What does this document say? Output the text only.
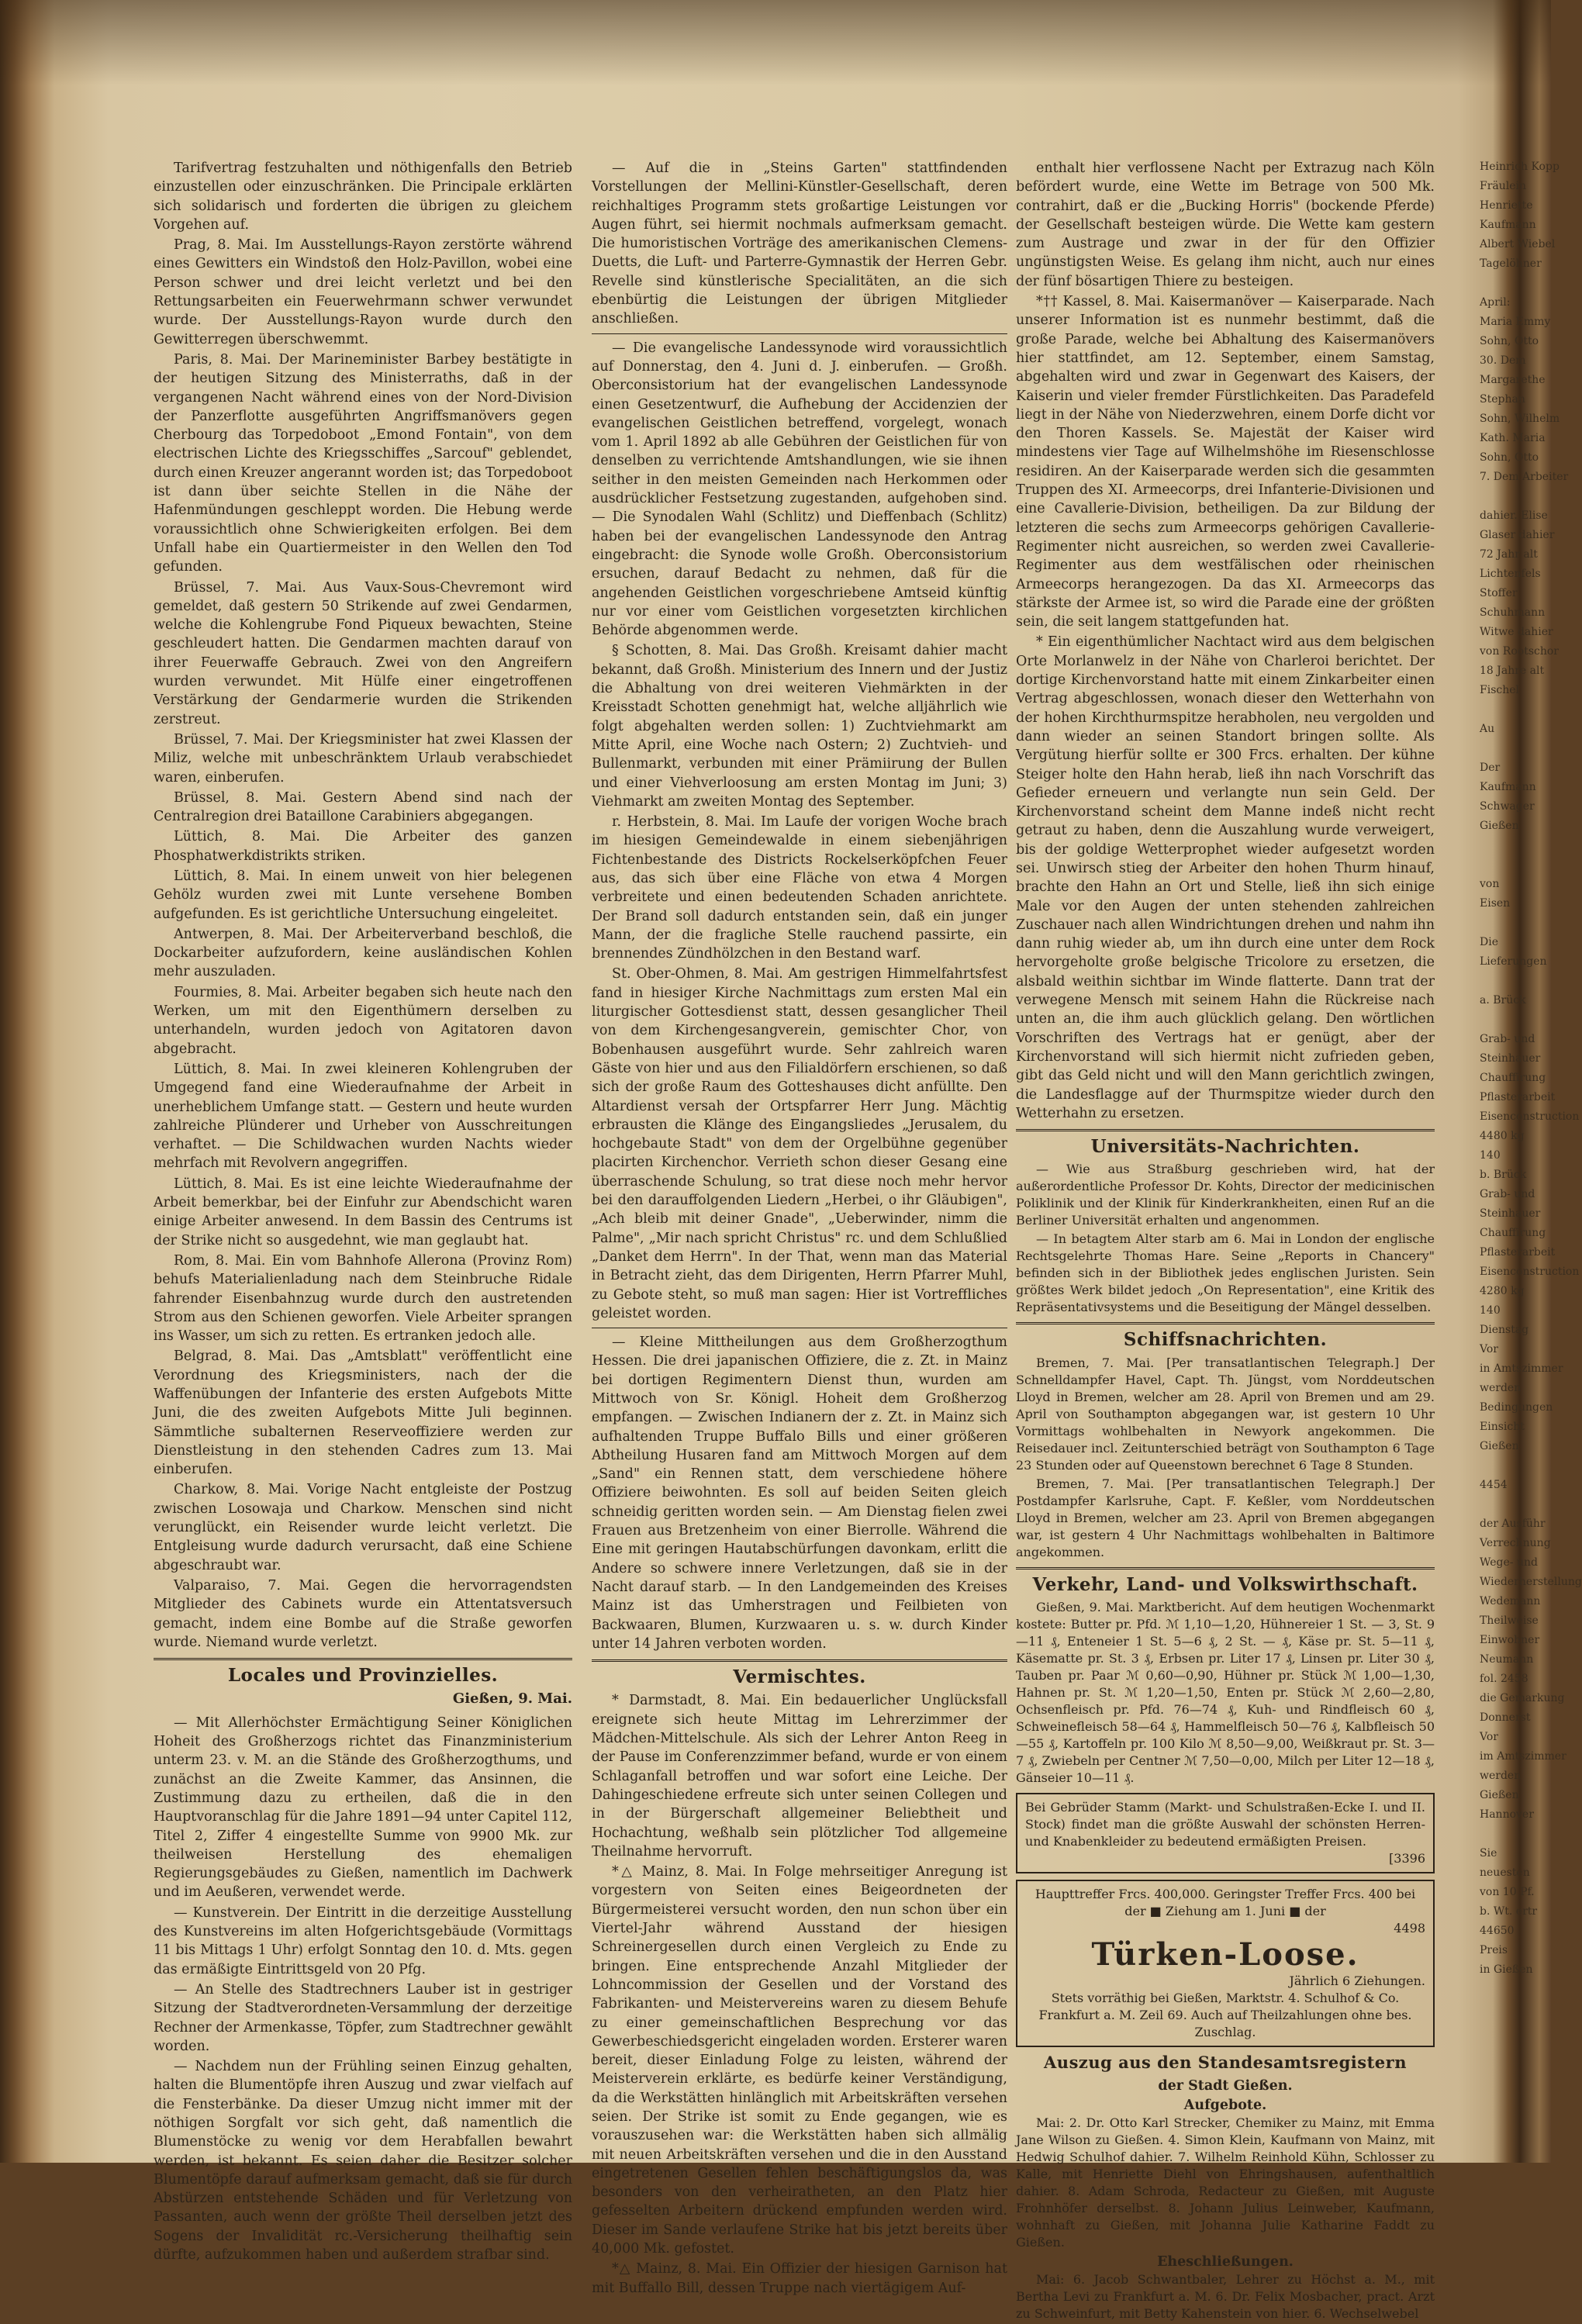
Tarifvertrag festzuhalten und nöthigenfalls den Betrieb einzustellen oder einzuschränken. Die Principale erklärten sich solidarisch und forderten die übrigen zu gleichem Vorgehen auf.

Prag, 8. Mai. Im Ausstellungs-Rayon zerstörte während eines Gewitters ein Windstoß den Holz-Pavillon, wobei eine Person schwer und drei leicht verletzt und bei den Rettungsarbeiten ein Feuerwehrmann schwer verwundet wurde. Der Ausstellungs-Rayon wurde durch den Gewitterregen überschwemmt.

Paris, 8. Mai. Der Marineminister Barbey bestätigte in der heutigen Sitzung des Ministerraths, daß in der vergangenen Nacht während eines von der Nord-Division der Panzerflotte ausgeführten Angriffsmanövers gegen Cherbourg das Torpedoboot „Emond Fontain", von dem electrischen Lichte des Kriegsschiffes „Sarcouf" geblendet, durch einen Kreuzer angerannt worden ist; das Torpedoboot ist dann über seichte Stellen in die Nähe der Hafenmündungen geschleppt worden. Die Hebung werde voraussichtlich ohne Schwierigkeiten erfolgen. Bei dem Unfall habe ein Quartiermeister in den Wellen den Tod gefunden.

Brüssel, 7. Mai. Aus Vaux-Sous-Chevremont wird gemeldet, daß gestern 50 Strikende auf zwei Gendarmen, welche die Kohlengrube Fond Piqueux bewachten, Steine geschleudert hatten. Die Gendarmen machten darauf von ihrer Feuerwaffe Gebrauch. Zwei von den Angreifern wurden verwundet. Mit Hülfe einer eingetroffenen Verstärkung der Gendarmerie wurden die Strikenden zerstreut.

Brüssel, 7. Mai. Der Kriegsminister hat zwei Klassen der Miliz, welche mit unbeschränktem Urlaub verabschiedet waren, einberufen.

Brüssel, 8. Mai. Gestern Abend sind nach der Centralregion drei Bataillone Carabiniers abgegangen.

Lüttich, 8. Mai. Die Arbeiter des ganzen Phosphatwerkdistrikts striken.

Lüttich, 8. Mai. In einem unweit von hier belegenen Gehölz wurden zwei mit Lunte versehene Bomben aufgefunden. Es ist gerichtliche Untersuchung eingeleitet.

Antwerpen, 8. Mai. Der Arbeiterverband beschloß, die Dockarbeiter aufzufordern, keine ausländischen Kohlen mehr auszuladen.

Fourmies, 8. Mai. Arbeiter begaben sich heute nach den Werken, um mit den Eigenthümern derselben zu unterhandeln, wurden jedoch von Agitatoren davon abgebracht.

Lüttich, 8. Mai. In zwei kleineren Kohlengruben der Umgegend fand eine Wiederaufnahme der Arbeit in unerheblichem Umfange statt. — Gestern und heute wurden zahlreiche Plünderer und Urheber von Ausschreitungen verhaftet. — Die Schildwachen wurden Nachts wieder mehrfach mit Revolvern angegriffen.

Lüttich, 8. Mai. Es ist eine leichte Wiederaufnahme der Arbeit bemerkbar, bei der Einfuhr zur Abendschicht waren einige Arbeiter anwesend. In dem Bassin des Centrums ist der Strike nicht so ausgedehnt, wie man geglaubt hat.

Rom, 8. Mai. Ein vom Bahnhofe Allerona (Provinz Rom) behufs Materialienladung nach dem Steinbruche Ridale fahrender Eisenbahnzug wurde durch den austretenden Strom aus den Schienen geworfen. Viele Arbeiter sprangen ins Wasser, um sich zu retten. Es ertranken jedoch alle.

Belgrad, 8. Mai. Das „Amtsblatt" veröffentlicht eine Verordnung des Kriegsministers, nach der die Waffenübungen der Infanterie des ersten Aufgebots Mitte Juni, die des zweiten Aufgebots Mitte Juli beginnen. Sämmtliche subalternen Reserveoffiziere werden zur Dienstleistung in den stehenden Cadres zum 13. Mai einberufen.

Charkow, 8. Mai. Vorige Nacht entgleiste der Postzug zwischen Losowaja und Charkow. Menschen sind nicht verunglückt, ein Reisender wurde leicht verletzt. Die Entgleisung wurde dadurch verursacht, daß eine Schiene abgeschraubt war.

Valparaiso, 7. Mai. Gegen die hervorragendsten Mitglieder des Cabinets wurde ein Attentatsversuch gemacht, indem eine Bombe auf die Straße geworfen wurde. Niemand wurde verletzt.

Locales und Provinzielles.
Gießen, 9. Mai.

— Mit Allerhöchster Ermächtigung Seiner Königlichen Hoheit des Großherzogs richtet das Finanzministerium unterm 23. v. M. an die Stände des Großherzogthums, und zunächst an die Zweite Kammer, das Ansinnen, die Zustimmung dazu zu ertheilen, daß die in den Hauptvoranschlag für die Jahre 1891—94 unter Capitel 112, Titel 2, Ziffer 4 eingestellte Summe von 9900 Mk. zur theilweisen Herstellung des ehemaligen Regierungsgebäudes zu Gießen, namentlich im Dachwerk und im Aeußeren, verwendet werde.

— Kunstverein. Der Eintritt in die derzeitige Ausstellung des Kunstvereins im alten Hofgerichtsgebäude (Vormittags 11 bis Mittags 1 Uhr) erfolgt Sonntag den 10. d. Mts. gegen das ermäßigte Eintrittsgeld von 20 Pfg.

— An Stelle des Stadtrechners Lauber ist in gestriger Sitzung der Stadtverordneten-Versammlung der derzeitige Rechner der Armenkasse, Töpfer, zum Stadtrechner gewählt worden.

— Nachdem nun der Frühling seinen Einzug gehalten, halten die Blumentöpfe ihren Auszug und zwar vielfach auf die Fensterbänke. Da dieser Umzug nicht immer mit der nöthigen Sorgfalt vor sich geht, daß namentlich die Blumenstöcke zu wenig vor dem Herabfallen bewahrt werden, ist bekannt. Es seien daher die Besitzer solcher Blumentöpfe darauf aufmerksam gemacht, daß sie für durch Abstürzen entstehende Schäden und für Verletzung von Passanten, auch wenn der größte Theil derselben jetzt des Sogens der Invalidität rc.-Versicherung theilhaftig sein dürfte, aufzukommen haben und außerdem strafbar sind.

— Auf die in „Steins Garten" stattfindenden Vorstellungen der Mellini-Künstler-Gesellschaft, deren reichhaltiges Programm stets großartige Leistungen vor Augen führt, sei hiermit nochmals aufmerksam gemacht. Die humoristischen Vorträge des amerikanischen Clemens-Duetts, die Luft- und Parterre-Gymnastik der Herren Gebr. Revelle sind künstlerische Specialitäten, an die sich ebenbürtig die Leistungen der übrigen Mitglieder anschließen.

— Die evangelische Landessynode wird voraussichtlich auf Donnerstag, den 4. Juni d. J. einberufen. — Großh. Oberconsistorium hat der evangelischen Landessynode einen Gesetzentwurf, die Aufhebung der Accidenzien der evangelischen Geistlichen betreffend, vorgelegt, wonach vom 1. April 1892 ab alle Gebühren der Geistlichen für von denselben zu verrichtende Amtshandlungen, wie sie ihnen seither in den meisten Gemeinden nach Herkommen oder ausdrücklicher Festsetzung zugestanden, aufgehoben sind. — Die Synodalen Wahl (Schlitz) und Dieffenbach (Schlitz) haben bei der evangelischen Landessynode den Antrag eingebracht: die Synode wolle Großh. Oberconsistorium ersuchen, darauf Bedacht zu nehmen, daß für die angehenden Geistlichen vorgeschriebene Amtseid künftig nur vor einer vom Geistlichen vorgesetzten kirchlichen Behörde abgenommen werde.

§ Schotten, 8. Mai. Das Großh. Kreisamt dahier macht bekannt, daß Großh. Ministerium des Innern und der Justiz die Abhaltung von drei weiteren Viehmärkten in der Kreisstadt Schotten genehmigt hat, welche alljährlich wie folgt abgehalten werden sollen: 1) Zuchtviehmarkt am Mitte April, eine Woche nach Ostern; 2) Zuchtvieh- und Bullenmarkt, verbunden mit einer Prämiirung der Bullen und einer Viehverloosung am ersten Montag im Juni; 3) Viehmarkt am zweiten Montag des September.

r. Herbstein, 8. Mai. Im Laufe der vorigen Woche brach im hiesigen Gemeindewalde in einem siebenjährigen Fichtenbestande des Districts Rockelserköpfchen Feuer aus, das sich über eine Fläche von etwa 4 Morgen verbreitete und einen bedeutenden Schaden anrichtete. Der Brand soll dadurch entstanden sein, daß ein junger Mann, der die fragliche Stelle rauchend passirte, ein brennendes Zündhölzchen in den Bestand warf.

St. Ober-Ohmen, 8. Mai. Am gestrigen Himmelfahrtsfest fand in hiesiger Kirche Nachmittags zum ersten Mal ein liturgischer Gottesdienst statt, dessen gesanglicher Theil von dem Kirchengesangverein, gemischter Chor, von Bobenhausen ausgeführt wurde. Sehr zahlreich waren Gäste von hier und aus den Filialdörfern erschienen, so daß sich der große Raum des Gotteshauses dicht anfüllte. Den Altardienst versah der Ortspfarrer Herr Jung. Mächtig erbrausten die Klänge des Eingangsliedes „Jerusalem, du hochgebaute Stadt" von dem der Orgelbühne gegenüber placirten Kirchenchor. Verrieth schon dieser Gesang eine überraschende Schulung, so trat diese noch mehr hervor bei den darauffolgenden Liedern „Herbei, o ihr Gläubigen", „Ach bleib mit deiner Gnade", „Ueberwinder, nimm die Palme", „Mir nach spricht Christus" rc. und dem Schlußlied „Danket dem Herrn". In der That, wenn man das Material in Betracht zieht, das dem Dirigenten, Herrn Pfarrer Muhl, zu Gebote steht, so muß man sagen: Hier ist Vortreffliches geleistet worden.

— Kleine Mittheilungen aus dem Großherzogthum Hessen. Die drei japanischen Offiziere, die z. Zt. in Mainz bei dortigen Regimentern Dienst thun, wurden am Mittwoch von Sr. Königl. Hoheit dem Großherzog empfangen. — Zwischen Indianern der z. Zt. in Mainz sich aufhaltenden Truppe Buffalo Bills und einer größeren Abtheilung Husaren fand am Mittwoch Morgen auf dem „Sand" ein Rennen statt, dem verschiedene höhere Offiziere beiwohnten. Es soll auf beiden Seiten gleich schneidig geritten worden sein. — Am Dienstag fielen zwei Frauen aus Bretzenheim von einer Bierrolle. Während die Eine mit geringen Hautabschürfungen davonkam, erlitt die Andere so schwere innere Verletzungen, daß sie in der Nacht darauf starb. — In den Landgemeinden des Kreises Mainz ist das Umherstragen und Feilbieten von Backwaaren, Blumen, Kurzwaaren u. s. w. durch Kinder unter 14 Jahren verboten worden.

Vermischtes.

* Darmstadt, 8. Mai. Ein bedauerlicher Unglücksfall ereignete sich heute Mittag im Lehrerzimmer der Mädchen-Mittelschule. Als sich der Lehrer Anton Reeg in der Pause im Conferenzzimmer befand, wurde er von einem Schlaganfall betroffen und war sofort eine Leiche. Der Dahingeschiedene erfreute sich unter seinen Collegen und in der Bürgerschaft allgemeiner Beliebtheit und Hochachtung, weßhalb sein plötzlicher Tod allgemeine Theilnahme hervorruft.

*△ Mainz, 8. Mai. In Folge mehrseitiger Anregung ist vorgestern von Seiten eines Beigeordneten der Bürgermeisterei versucht worden, den nun schon über ein Viertel-Jahr während Ausstand der hiesigen Schreinergesellen durch einen Vergleich zu Ende zu bringen. Eine entsprechende Anzahl Mitglieder der Lohncommission der Gesellen und der Vorstand des Fabrikanten- und Meistervereins waren zu diesem Behufe zu einer gemeinschaftlichen Besprechung vor das Gewerbeschiedsgericht eingeladen worden. Ersterer waren bereit, dieser Einladung Folge zu leisten, während der Meisterverein erklärte, es bedürfe keiner Verständigung, da die Werkstätten hinlänglich mit Arbeitskräften versehen seien. Der Strike ist somit zu Ende gegangen, wie es vorauszusehen war: die Werkstätten haben sich allmälig mit neuen Arbeitskräften versehen und die in den Ausstand eingetretenen Gesellen fehlen beschäftigungslos da, was besonders von den verheiratheten, an den Platz hier gefesselten Arbeitern drückend empfunden werden wird. Dieser im Sande verlaufene Strike hat bis jetzt bereits über 40,000 Mk. gefostet.

*△ Mainz, 8. Mai. Ein Offizier der hiesigen Garnison hat mit Buffallo Bill, dessen Truppe nach viertägigem Auf-

enthalt hier verflossene Nacht per Extrazug nach Köln befördert wurde, eine Wette im Betrage von 500 Mk. contrahirt, daß er die „Bucking Horris" (bockende Pferde) der Gesellschaft besteigen würde. Die Wette kam gestern zum Austrage und zwar in der für den Offizier ungünstigsten Weise. Es gelang ihm nicht, auch nur eines der fünf bösartigen Thiere zu besteigen.

*†† Kassel, 8. Mai. Kaisermanöver — Kaiserparade. Nach unserer Information ist es nunmehr bestimmt, daß die große Parade, welche bei Abhaltung des Kaisermanövers hier stattfindet, am 12. September, einem Samstag, abgehalten wird und zwar in Gegenwart des Kaisers, der Kaiserin und vieler fremder Fürstlichkeiten. Das Paradefeld liegt in der Nähe von Niederzwehren, einem Dorfe dicht vor den Thoren Kassels. Se. Majestät der Kaiser wird mindestens vier Tage auf Wilhelmshöhe im Riesenschlosse residiren. An der Kaiserparade werden sich die gesammten Truppen des XI. Armeecorps, drei Infanterie-Divisionen und eine Cavallerie-Division, betheiligen. Da zur Bildung der letzteren die sechs zum Armeecorps gehörigen Cavallerie-Regimenter nicht ausreichen, so werden zwei Cavallerie-Regimenter aus dem westfälischen oder rheinischen Armeecorps herangezogen. Da das XI. Armeecorps das stärkste der Armee ist, so wird die Parade eine der größten sein, die seit langem stattgefunden hat.

* Ein eigenthümlicher Nachtact wird aus dem belgischen Orte Morlanwelz in der Nähe von Charleroi berichtet. Der dortige Kirchenvorstand hatte mit einem Zinkarbeiter einen Vertrag abgeschlossen, wonach dieser den Wetterhahn von der hohen Kirchthurmspitze herabholen, neu vergolden und dann wieder an seinen Standort bringen sollte. Als Vergütung hierfür sollte er 300 Frcs. erhalten. Der kühne Steiger holte den Hahn herab, ließ ihn nach Vorschrift das Gefieder erneuern und verlangte nun sein Geld. Der Kirchenvorstand scheint dem Manne indeß nicht recht getraut zu haben, denn die Auszahlung wurde verweigert, bis der goldige Wetterprophet wieder aufgesetzt worden sei. Unwirsch stieg der Arbeiter den hohen Thurm hinauf, brachte den Hahn an Ort und Stelle, ließ ihn sich einige Male vor den Augen der unten stehenden zahlreichen Zuschauer nach allen Windrichtungen drehen und nahm ihn dann ruhig wieder ab, um ihn durch eine unter dem Rock hervorgeholte große belgische Tricolore zu ersetzen, die alsbald weithin sichtbar im Winde flatterte. Dann trat der verwegene Mensch mit seinem Hahn die Rückreise nach unten an, die ihm auch glücklich gelang. Den wörtlichen Vorschriften des Vertrags hat er genügt, aber der Kirchenvorstand will sich hiermit nicht zufrieden geben, gibt das Geld nicht und will den Mann gerichtlich zwingen, die Landesflagge auf der Thurmspitze wieder durch den Wetterhahn zu ersetzen.

Universitäts-Nachrichten.

— Wie aus Straßburg geschrieben wird, hat der außerordentliche Professor Dr. Kohts, Director der medicinischen Poliklinik und der Klinik für Kinderkrankheiten, einen Ruf an die Berliner Universität erhalten und angenommen.

— In betagtem Alter starb am 6. Mai in London der englische Rechtsgelehrte Thomas Hare. Seine „Reports in Chancery" befinden sich in der Bibliothek jedes englischen Juristen. Sein größtes Werk bildet jedoch „On Representation", eine Kritik des Repräsentativsystems und die Beseitigung der Mängel desselben.

Schiffsnachrichten.

Bremen, 7. Mai. [Per transatlantischen Telegraph.] Der Schnelldampfer Havel, Capt. Th. Jüngst, vom Norddeutschen Lloyd in Bremen, welcher am 28. April von Bremen und am 29. April von Southampton abgegangen war, ist gestern 10 Uhr Vormittags wohlbehalten in Newyork angekommen. Die Reisedauer incl. Zeitunterschied beträgt von Southampton 6 Tage 23 Stunden oder auf Queenstown berechnet 6 Tage 8 Stunden.

Bremen, 7. Mai. [Per transatlantischen Telegraph.] Der Postdampfer Karlsruhe, Capt. F. Keßler, vom Norddeutschen Lloyd in Bremen, welcher am 23. April von Bremen abgegangen war, ist gestern 4 Uhr Nachmittags wohlbehalten in Baltimore angekommen.

Verkehr, Land- und Volkswirthschaft.

Gießen, 9. Mai. Marktbericht. Auf dem heutigen Wochenmarkt kostete: Butter pr. Pfd. ℳ 1,10—1,20, Hühnereier 1 St. — 3, St. 9—11 ₰, Enteneier 1 St. 5—6 ₰, 2 St. — ₰, Käse pr. St. 5—11 ₰, Käsematte pr. St. 3 ₰, Erbsen pr. Liter 17 ₰, Linsen pr. Liter 30 ₰, Tauben pr. Paar ℳ 0,60—0,90, Hühner pr. Stück ℳ 1,00—1,30, Hahnen pr. St. ℳ 1,20—1,50, Enten pr. Stück ℳ 2,60—2,80, Ochsenfleisch pr. Pfd. 76—74 ₰, Kuh- und Rindfleisch 60 ₰, Schweinefleisch 58—64 ₰, Hammelfleisch 50—76 ₰, Kalbfleisch 50—55 ₰, Kartoffeln pr. 100 Kilo ℳ 8,50—9,00, Weißkraut pr. St. 3—7 ₰, Zwiebeln per Centner ℳ 7,50—0,00, Milch per Liter 12—18 ₰, Gänseier 10—11 ₰.

Bei Gebrüder Stamm (Markt- und Schulstraßen-Ecke I. und II. Stock) findet man die größte Auswahl der schönsten Herren- und Knabenkleider zu bedeutend ermäßigten Preisen.
[3396
Haupttreffer Frcs. 400,000. Geringster Treffer Frcs. 400 bei der ■ Ziehung am 1. Juni ■ der
4498
Türken-Loose.
Jährlich 6 Ziehungen.
Stets vorräthig bei Gießen, Marktstr. 4. Schulhof & Co. Frankfurt a. M. Zeil 69. Auch auf Theilzahlungen ohne bes. Zuschlag.
Auszug aus den Standesamtsregistern
der Stadt Gießen.
Aufgebote.

Mai: 2. Dr. Otto Karl Strecker, Chemiker zu Mainz, mit Emma Jane Wilson zu Gießen. 4. Simon Klein, Kaufmann von Mainz, mit Hedwig Schulhof dahier. 7. Wilhelm Reinhold Kühn, Schlosser zu Kalle, mit Henriette Diehl von Ehringshausen, aufenthaltlich dahier. 8. Adam Schroda, Redacteur zu Gießen, mit Auguste Frohnhöfer derselbst. 8. Johann Julius Leinweber, Kaufmann, wohnhaft zu Gießen, mit Johanna Julie Katharine Faddt zu Gießen.

Eheschließungen.

Mai: 6. Jacob Schwantbaler, Lehrer zu Höchst a. M., mit Bertha Levi zu Frankfurt a. M. 6. Dr. Felix Mosbacher, pract. Arzt zu Schweinfurt, mit Betty Kahenstein von hier. 6. Wechselwebel

Heinrich Kopp
Fräulein
Henriette
Kaufmann
Albert Wiebel
Tagelöhner

April:
Maria Emmy
Sohn, Otto
30. Dem
Margarethe
Stephan
Sohn, Wilhelm
Kath. Maria
Sohn, Otto
7. Dem Arbeiter

dahier. Elise
Glaser dahier
72 Jahr alt
Lichtenfels
Stoffer
Schuhmann
Witwe dahier
von Rootschor
18 Jahre alt
Fischel

Au

Der
Kaufmann
Schwager
Gießen

von
Eisen

Die
Lieferungen

a. Brück

Grab- und
Steinhauer
Chauffirung
Pflasterarbeit
Eisenconstruction
4480 kg
140
b. Brück
Grab- und
Steinhauer
Chauffirung
Pflasterarbeit
Eisenconstruction
4280 kg
140
Dienstag
Vor
in Amtszimmer
werden
Bedingungen
Einsicht
Gießen

4454

der Ausführ
Verrechnung
Wege- und
Wiederherstellung
Wedemann
Theilweise
Einwohner
Neumann
fol. 2458
die Gemarkung
Donnerst
Vor
im Amtszimmer
werden
Gießen
Hannover

Sie
neuesten
von 10 Pf.
b. Wt. ertr
44650
Preis
in Gießen
